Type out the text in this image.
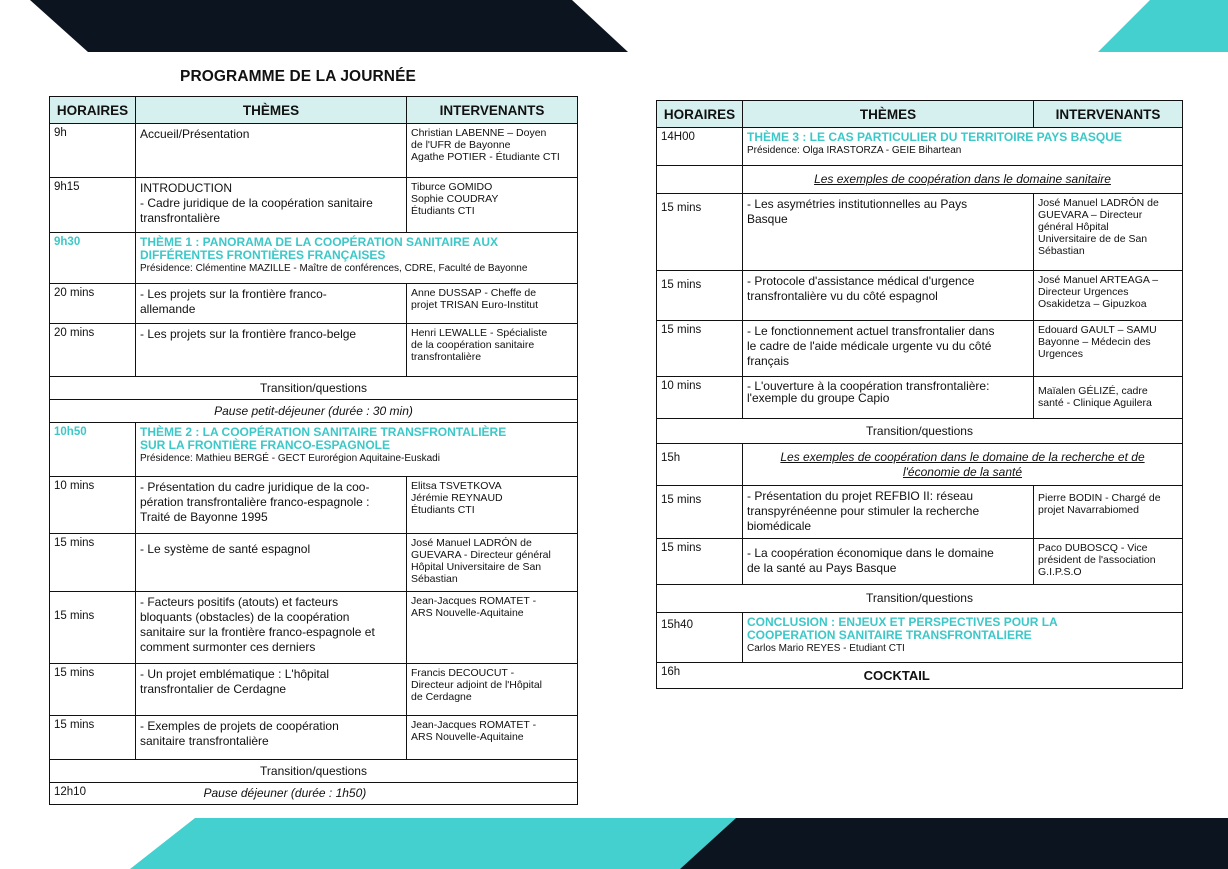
PROGRAMME DE LA JOURNÉE
HORAIRES	THÈMES	INTERVENANTS
9h	Accueil/Présentation	Christian LABENNE – Doyen
de l'UFR de Bayonne
Agathe POTIER - Étudiante CTI
9h15	INTRODUCTION
- Cadre juridique de la coopération sanitaire
transfrontalière	Tiburce GOMIDO
Sophie COUDRAY
Étudiants CTI
9h30	THÈME 1 : PANORAMA DE LA COOPÉRATION SANITAIRE AUX
DIFFÉRENTES FRONTIÈRES FRANÇAISES
Présidence: Clémentine MAZILLE - Maître de conférences, CDRE, Faculté de Bayonne	

20 mins	- Les projets sur la frontière franco-
allemande	Anne DUSSAP - Cheffe de
projet TRISAN Euro-Institut
20 mins	- Les projets sur la frontière franco-belge	Henri LEWALLE - Spécialiste
de la coopération sanitaire
transfrontalière
Transition/questions		
Pause petit-déjeuner (durée : 30 min)		
10h50	THÈME 2 : LA COOPÉRATION SANITAIRE TRANSFRONTALIÈRE
SUR LA FRONTIÈRE FRANCO-ESPAGNOLE
Présidence: Mathieu BERGÉ - GECT Eurorégion Aquitaine-Euskadi	

10 mins	- Présentation du cadre juridique de la coo-
pération transfrontalière franco-espagnole :
Traité de Bayonne 1995	Elitsa TSVETKOVA
Jérémie REYNAUD
Étudiants CTI
15 mins	- Le système de santé espagnol	José Manuel LADRÓN de
GUEVARA - Directeur général
Hôpital Universitaire de San
Sébastian
15 mins	- Facteurs positifs (atouts) et facteurs
bloquants (obstacles) de la coopération
sanitaire sur la frontière franco-espagnole et
comment surmonter ces derniers	Jean-Jacques ROMATET -
ARS Nouvelle-Aquitaine
15 mins	- Un projet emblématique : L'hôpital
transfrontalier de Cerdagne	Francis DECOUCUT -
Directeur adjoint de l'Hôpital
de Cerdagne
15 mins	- Exemples de projets de coopération
sanitaire transfrontalière	Jean-Jacques ROMATET -
ARS Nouvelle-Aquitaine
Transition/questions		
12h10	Pause déjeuner (durée : 1h50)	
HORAIRES	THÈMES	INTERVENANTS
14H00	THÈME 3 : LE CAS PARTICULIER DU TERRITOIRE PAYS BASQUE
Présidence: Olga IRASTORZA - GEIE Bihartean	

	Les exemples de coopération dans le domaine sanitaire	
15 mins	- Les asymétries institutionnelles au Pays
Basque	José Manuel LADRÓN de
GUEVARA – Directeur
général Hôpital
Universitaire de de San
Sébastian
15 mins	- Protocole d'assistance médical d'urgence
transfrontalière vu du côté espagnol	José Manuel ARTEAGA –
Directeur Urgences
Osakidetza – Gipuzkoa
15 mins	- Le fonctionnement actuel transfrontalier dans
le cadre de l'aide médicale urgente vu du côté
français	Edouard GAULT – SAMU
Bayonne – Médecin des
Urgences
10 mins	- L'ouverture à la coopération transfrontalière:
l'exemple du groupe Capio	Maïalen GÉLIZÉ, cadre
santé - Clinique Aguilera
Transition/questions		
15h	Les exemples de coopération dans le domaine de la recherche et de
l'économie de la santé	
15 mins	- Présentation du projet REFBIO II: réseau
transpyrénéenne pour stimuler la recherche
biomédicale	Pierre BODIN - Chargé de
projet Navarrabiomed
15 mins	- La coopération économique dans le domaine
de la santé au Pays Basque	Paco DUBOSCQ - Vice
président de l'association
G.I.P.S.O
Transition/questions		
15h40	CONCLUSION : ENJEUX ET PERSPECTIVES POUR LA
COOPERATION SANITAIRE TRANSFRONTALIERE
Carlos Mario REYES - Etudiant CTI	

16h	COCKTAIL	
